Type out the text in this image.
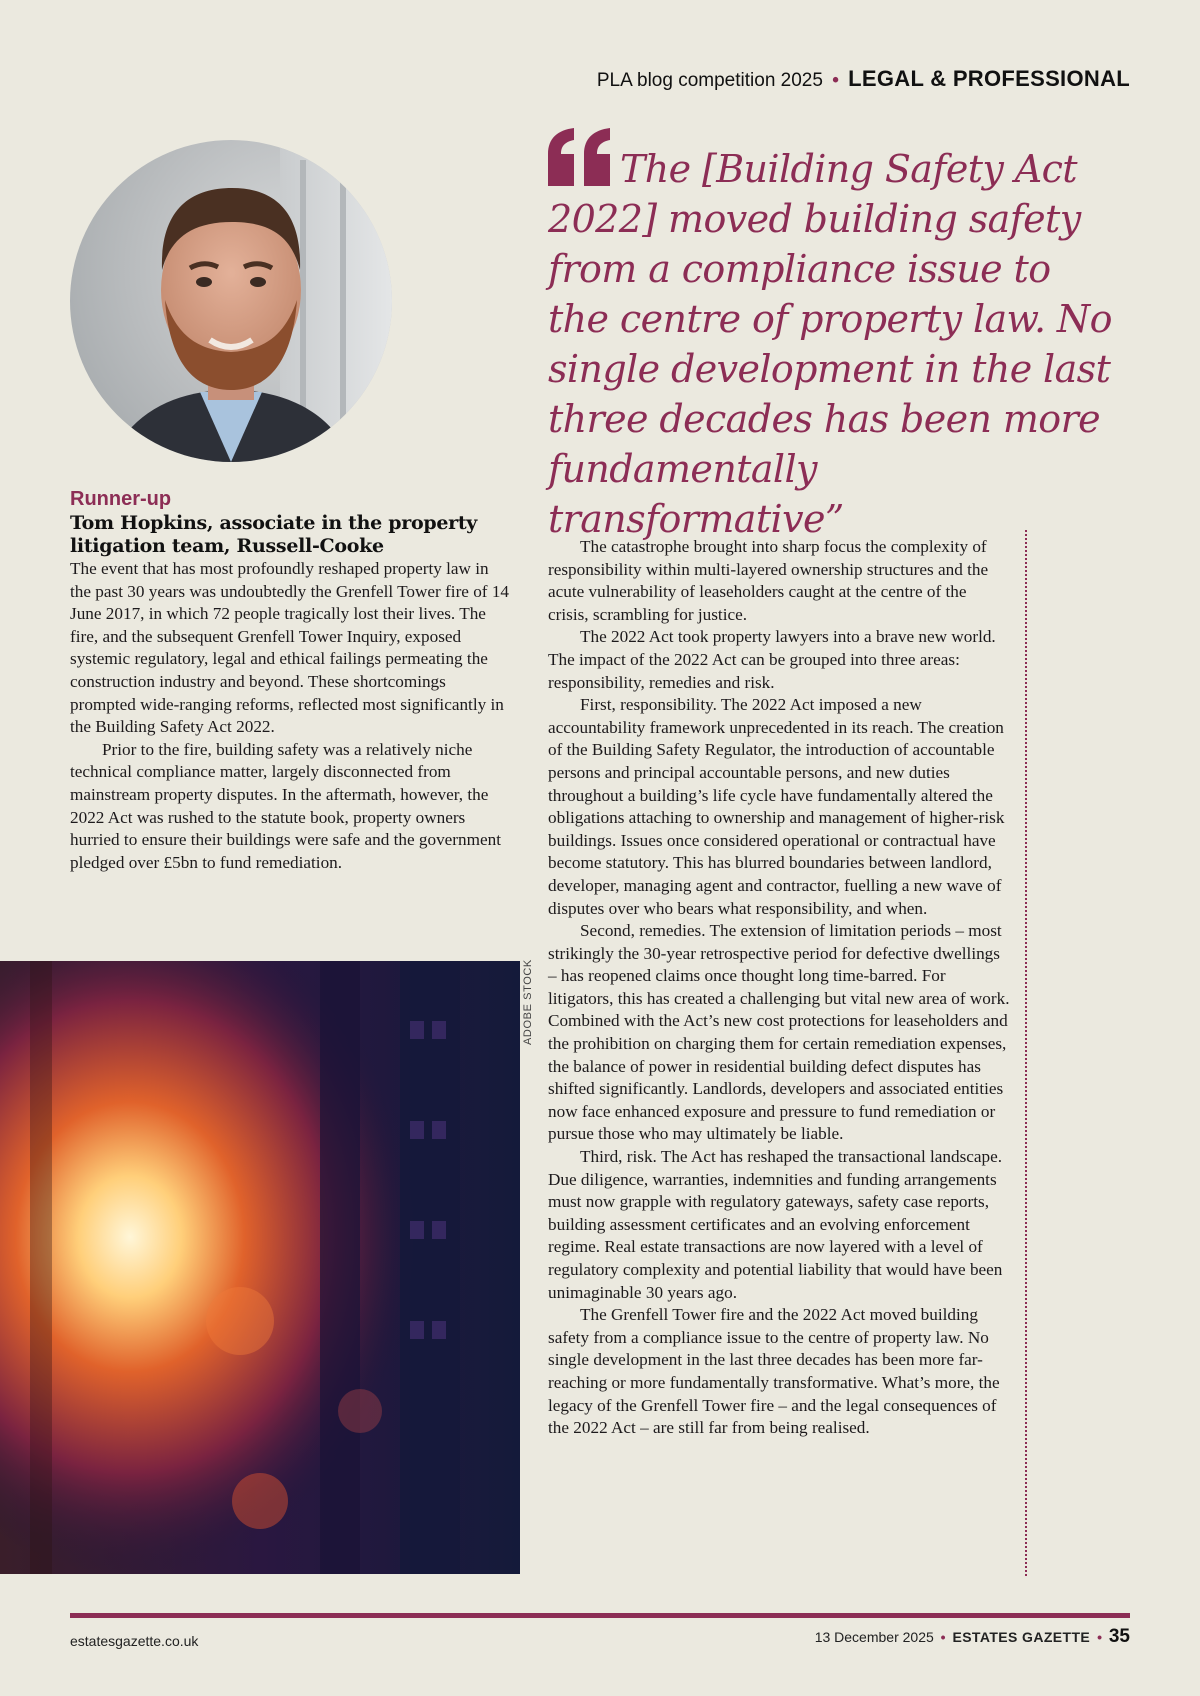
PLA blog competition 2025 • LEGAL & PROFESSIONAL

The [Building Safety Act 2022] moved building safety from a compliance issue to the centre of property law. No single development in the last three decades has been more fundamentally transformative”

Runner-up
Tom Hopkins, associate in the property litigation team, Russell-Cooke

The event that has most profoundly reshaped property law in the past 30 years was undoubtedly the Grenfell Tower fire of 14 June 2017, in which 72 people tragically lost their lives. The fire, and the subsequent Grenfell Tower Inquiry, exposed systemic regulatory, legal and ethical failings permeating the construction industry and beyond. These shortcomings prompted wide-ranging reforms, reflected most significantly in the Building Safety Act 2022.

Prior to the fire, building safety was a relatively niche technical compliance matter, largely disconnected from mainstream property disputes. In the aftermath, however, the 2022 Act was rushed to the statute book, property owners hurried to ensure their buildings were safe and the government pledged over £5bn to fund remediation.

The catastrophe brought into sharp focus the complexity of responsibility within multi-layered ownership structures and the acute vulnerability of leaseholders caught at the centre of the crisis, scrambling for justice.

The 2022 Act took property lawyers into a brave new world. The impact of the 2022 Act can be grouped into three areas: responsibility, remedies and risk.

First, responsibility. The 2022 Act imposed a new accountability framework unprecedented in its reach. The creation of the Building Safety Regulator, the introduction of accountable persons and principal accountable persons, and new duties throughout a building’s life cycle have fundamentally altered the obligations attaching to ownership and management of higher-risk buildings. Issues once considered operational or contractual have become statutory. This has blurred boundaries between landlord, developer, managing agent and contractor, fuelling a new wave of disputes over who bears what responsibility, and when.

Second, remedies. The extension of limitation periods – most strikingly the 30-year retrospective period for defective dwellings – has reopened claims once thought long time-barred. For litigators, this has created a challenging but vital new area of work. Combined with the Act’s new cost protections for leaseholders and the prohibition on charging them for certain remediation expenses, the balance of power in residential building defect disputes has shifted significantly. Landlords, developers and associated entities now face enhanced exposure and pressure to fund remediation or pursue those who may ultimately be liable.

Third, risk. The Act has reshaped the transactional landscape. Due diligence, warranties, indemnities and funding arrangements must now grapple with regulatory gateways, safety case reports, building assessment certificates and an evolving enforcement regime. Real estate transactions are now layered with a level of regulatory complexity and potential liability that would have been unimaginable 30 years ago.

The Grenfell Tower fire and the 2022 Act moved building safety from a compliance issue to the centre of property law. No single development in the last three decades has been more far-reaching or more fundamentally transformative. What’s more, the legacy of the Grenfell Tower fire – and the legal consequences of the 2022 Act – are still far from being realised.

ADOBE STOCK
estatesgazette.co.uk	13 December 2025 • ESTATES GAZETTE • 35
